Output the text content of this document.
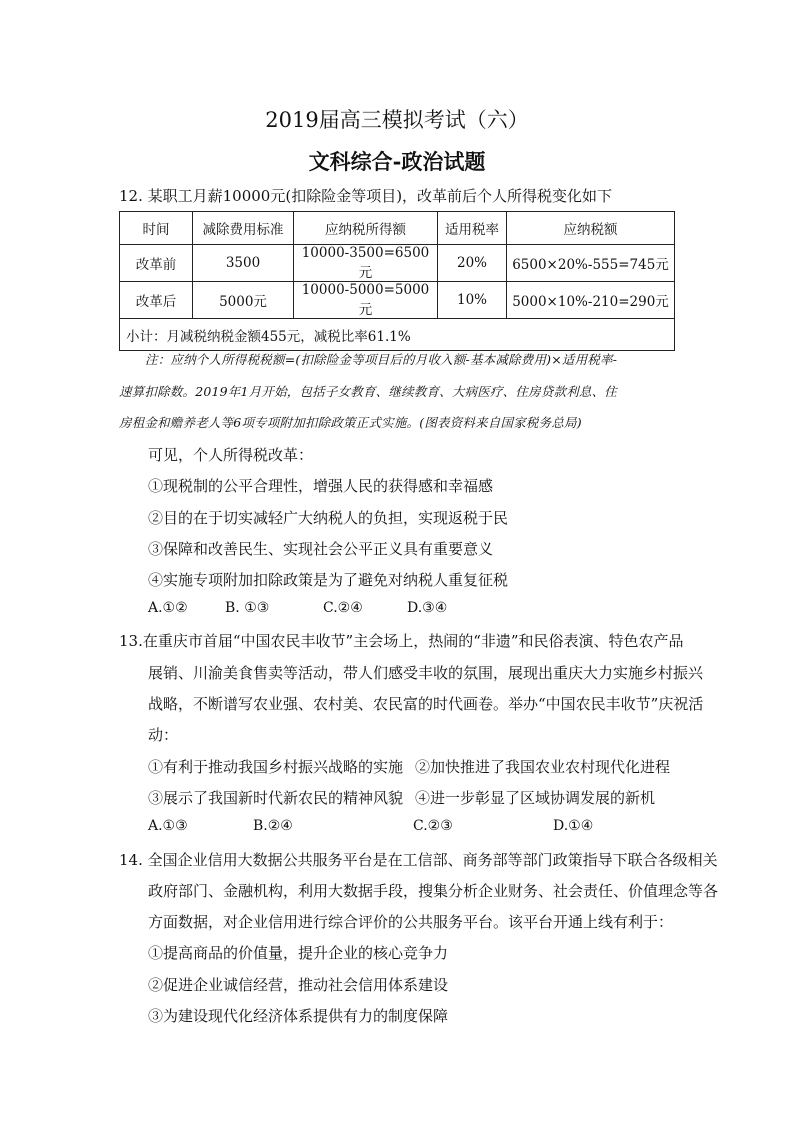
2019届高三模拟考试（六）
文科综合-政治试题
12. 某职工月薪10000元(扣除险金等项目)，改革前后个人所得税变化如下
时间	减除费用标准	应纳税所得额	适用税率	应纳税额
改革前	3500	10000-3500=6500元	20%	6500×20%-555=745元
改革后	5000元	10000-5000=5000元	10%	5000×10%-210=290元
小计：月减税纳税金额455元，减税比率61.1%				
注：应纳个人所得税税额=(扣除险金等项目后的月收入额-基本减除费用)×适用税率-
速算扣除数。2019年1月开始，包括子女教育、继续教育、大病医疗、住房贷款利息、住
房租金和赡养老人等6项专项附加扣除政策正式实施。(图表资料来自国家税务总局)
可见，个人所得税改革：
①现税制的公平合理性，增强人民的获得感和幸福感
②目的在于切实减轻广大纳税人的负担，实现返税于民
③保障和改善民生、实现社会公平正义具有重要意义
④实施专项附加扣除政策是为了避免对纳税人重复征税
A.①②	B. ①③	C.②④	D.③④
13.在重庆市首届“中国农民丰收节”主会场上，热闹的“非遗”和民俗表演、特色农产品
展销、川渝美食售卖等活动，带人们感受丰收的氛围，展现出重庆大力实施乡村振兴
战略，不断谱写农业强、农村美、农民富的时代画卷。举办“中国农民丰收节”庆祝活
动：
①有利于推动我国乡村振兴战略的实施 ②加快推进了我国农业农村现代化进程
③展示了我国新时代新农民的精神风貌 ④进一步彰显了区域协调发展的新机
A.①③	B.②④	C.②③	D.①④
14. 全国企业信用大数据公共服务平台是在工信部、商务部等部门政策指导下联合各级相关
政府部门、金融机构，利用大数据手段，搜集分析企业财务、社会责任、价值理念等各
方面数据，对企业信用进行综合评价的公共服务平台。该平台开通上线有利于：
①提高商品的价值量，提升企业的核心竞争力
②促进企业诚信经营，推动社会信用体系建设
③为建设现代化经济体系提供有力的制度保障
